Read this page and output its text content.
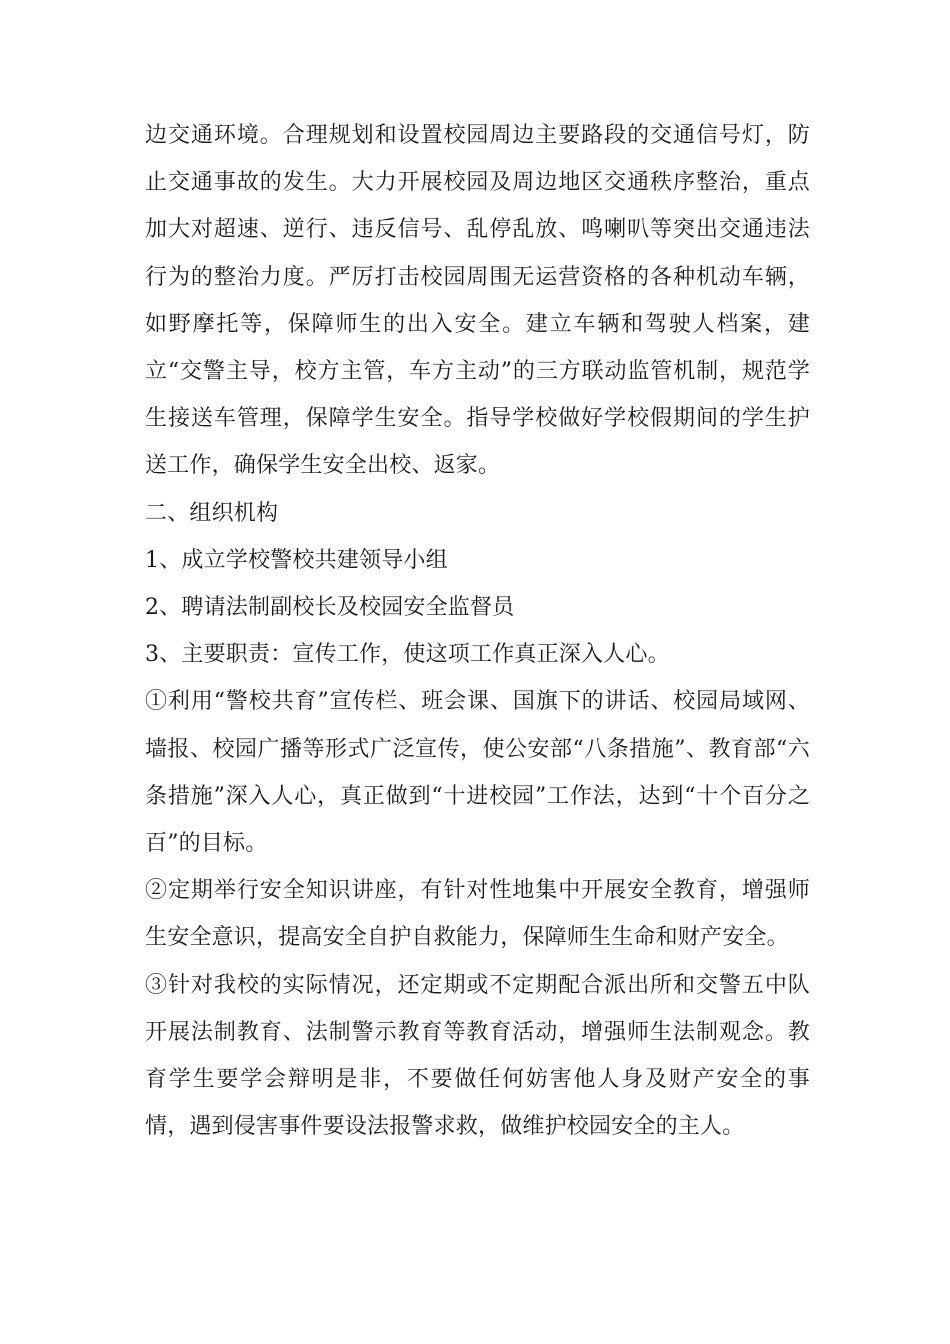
边交通环境。合理规划和设置校园周边主要路段的交通信号灯，防止交通事故的发生。大力开展校园及周边地区交通秩序整治，重点加大对超速、逆行、违反信号、乱停乱放、鸣喇叭等突出交通违法行为的整治力度。严厉打击校园周围无运营资格的各种机动车辆，如野摩托等，保障师生的出入安全。建立车辆和驾驶人档案，建立“交警主导，校方主管，车方主动”的三方联动监管机制，规范学生接送车管理，保障学生安全。指导学校做好学校假期间的学生护送工作，确保学生安全出校、返家。

二、组织机构

1、成立学校警校共建领导小组

2、聘请法制副校长及校园安全监督员

3、主要职责：宣传工作，使这项工作真正深入人心。

①利用“警校共育”宣传栏、班会课、国旗下的讲话、校园局域网、墙报、校园广播等形式广泛宣传，使公安部“八条措施”、教育部“六条措施”深入人心，真正做到“十进校园”工作法，达到“十个百分之百”的目标。

②定期举行安全知识讲座，有针对性地集中开展安全教育，增强师生安全意识，提高安全自护自救能力，保障师生生命和财产安全。

③针对我校的实际情况，还定期或不定期配合派出所和交警五中队开展法制教育、法制警示教育等教育活动，增强师生法制观念。教育学生要学会辩明是非，不要做任何妨害他人身及财产安全的事情，遇到侵害事件要设法报警求救，做维护校园安全的主人。
